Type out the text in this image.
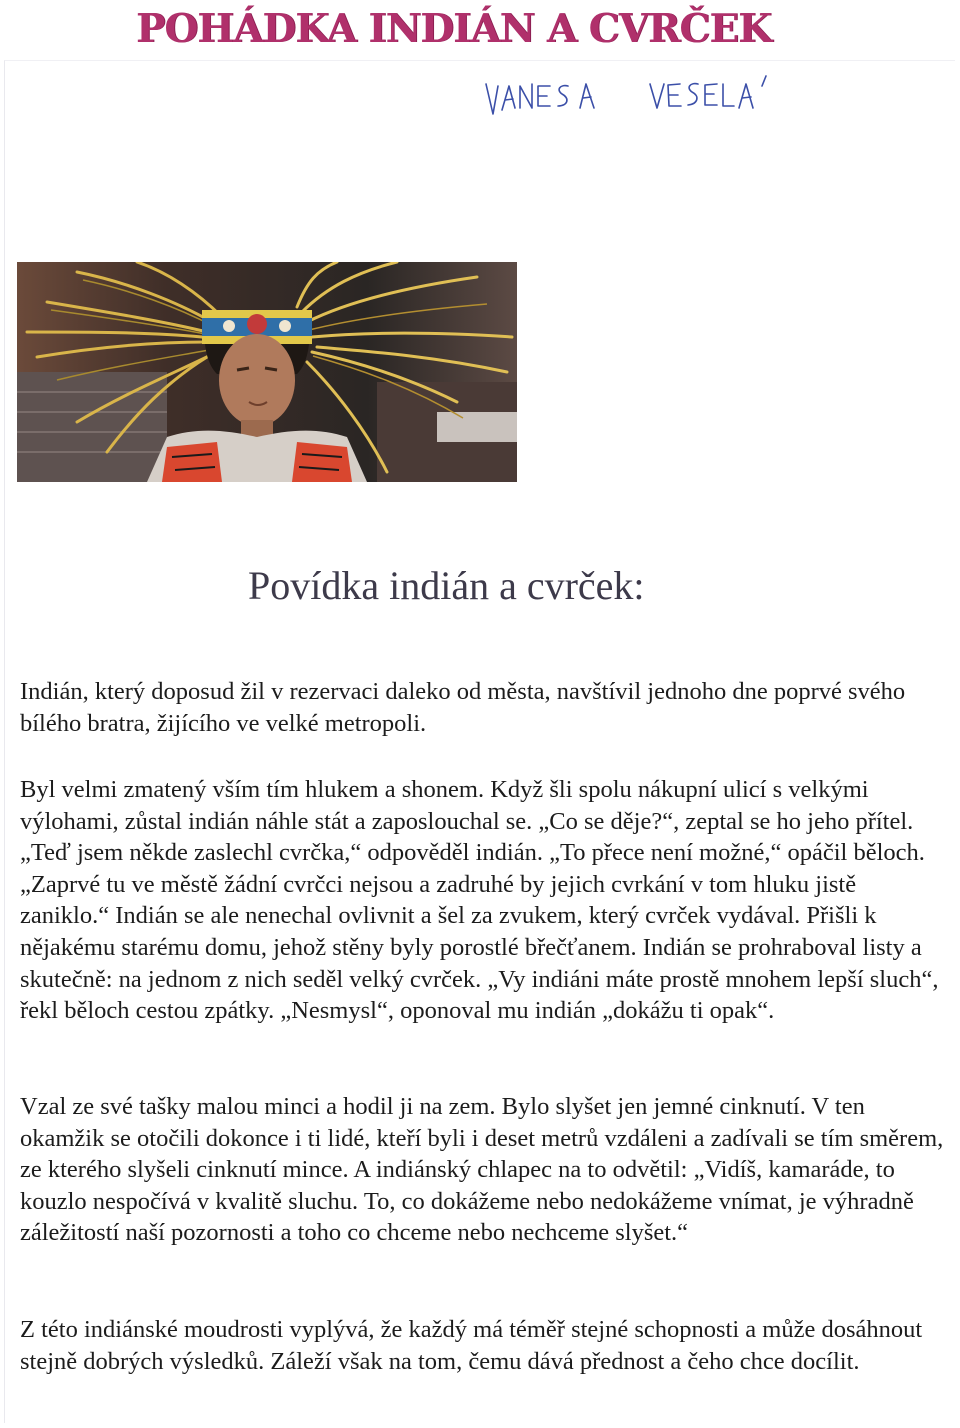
POHÁDKA INDIÁN A CVRČEK
Povídka indián a cvrček:

Indián, který doposud žil v rezervaci daleko od města, navštívil jednoho dne poprvé svého bílého bratra, žijícího ve velké metropoli.

Byl velmi zmatený vším tím hlukem a shonem. Když šli spolu nákupní ulicí s velkými výlohami, zůstal indián náhle stát a zaposlouchal se. „Co se děje?“, zeptal se ho jeho přítel. „Teď jsem někde zaslechl cvrčka,“ odpověděl indián. „To přece není možné,“ opáčil běloch. „Zaprvé tu ve městě žádní cvrčci nejsou a zadruhé by jejich cvrkání v tom hluku jistě zaniklo.“ Indián se ale nenechal ovlivnit a šel za zvukem, který cvrček vydával. Přišli k nějakému starému domu, jehož stěny byly porostlé břečťanem. Indián se prohraboval listy a skutečně: na jednom z nich seděl velký cvrček. „Vy indiáni máte prostě mnohem lepší sluch“, řekl běloch cestou zpátky. „Nesmysl“, oponoval mu indián „dokážu ti opak“.

Vzal ze své tašky malou minci a hodil ji na zem. Bylo slyšet jen jemné cinknutí. V ten okamžik se otočili dokonce i ti lidé, kteří byli i deset metrů vzdáleni a zadívali se tím směrem, ze kterého slyšeli cinknutí mince. A indiánský chlapec na to odvětil: „Vidíš, kamaráde, to kouzlo nespočívá v kvalitě sluchu. To, co dokážeme nebo nedokážeme vnímat, je výhradně záležitostí naší pozornosti a toho co chceme nebo nechceme slyšet.“

Z této indiánské moudrosti vyplývá, že každý má téměř stejné schopnosti a může dosáhnout stejně dobrých výsledků. Záleží však na tom, čemu dává přednost a čeho chce docílit.
